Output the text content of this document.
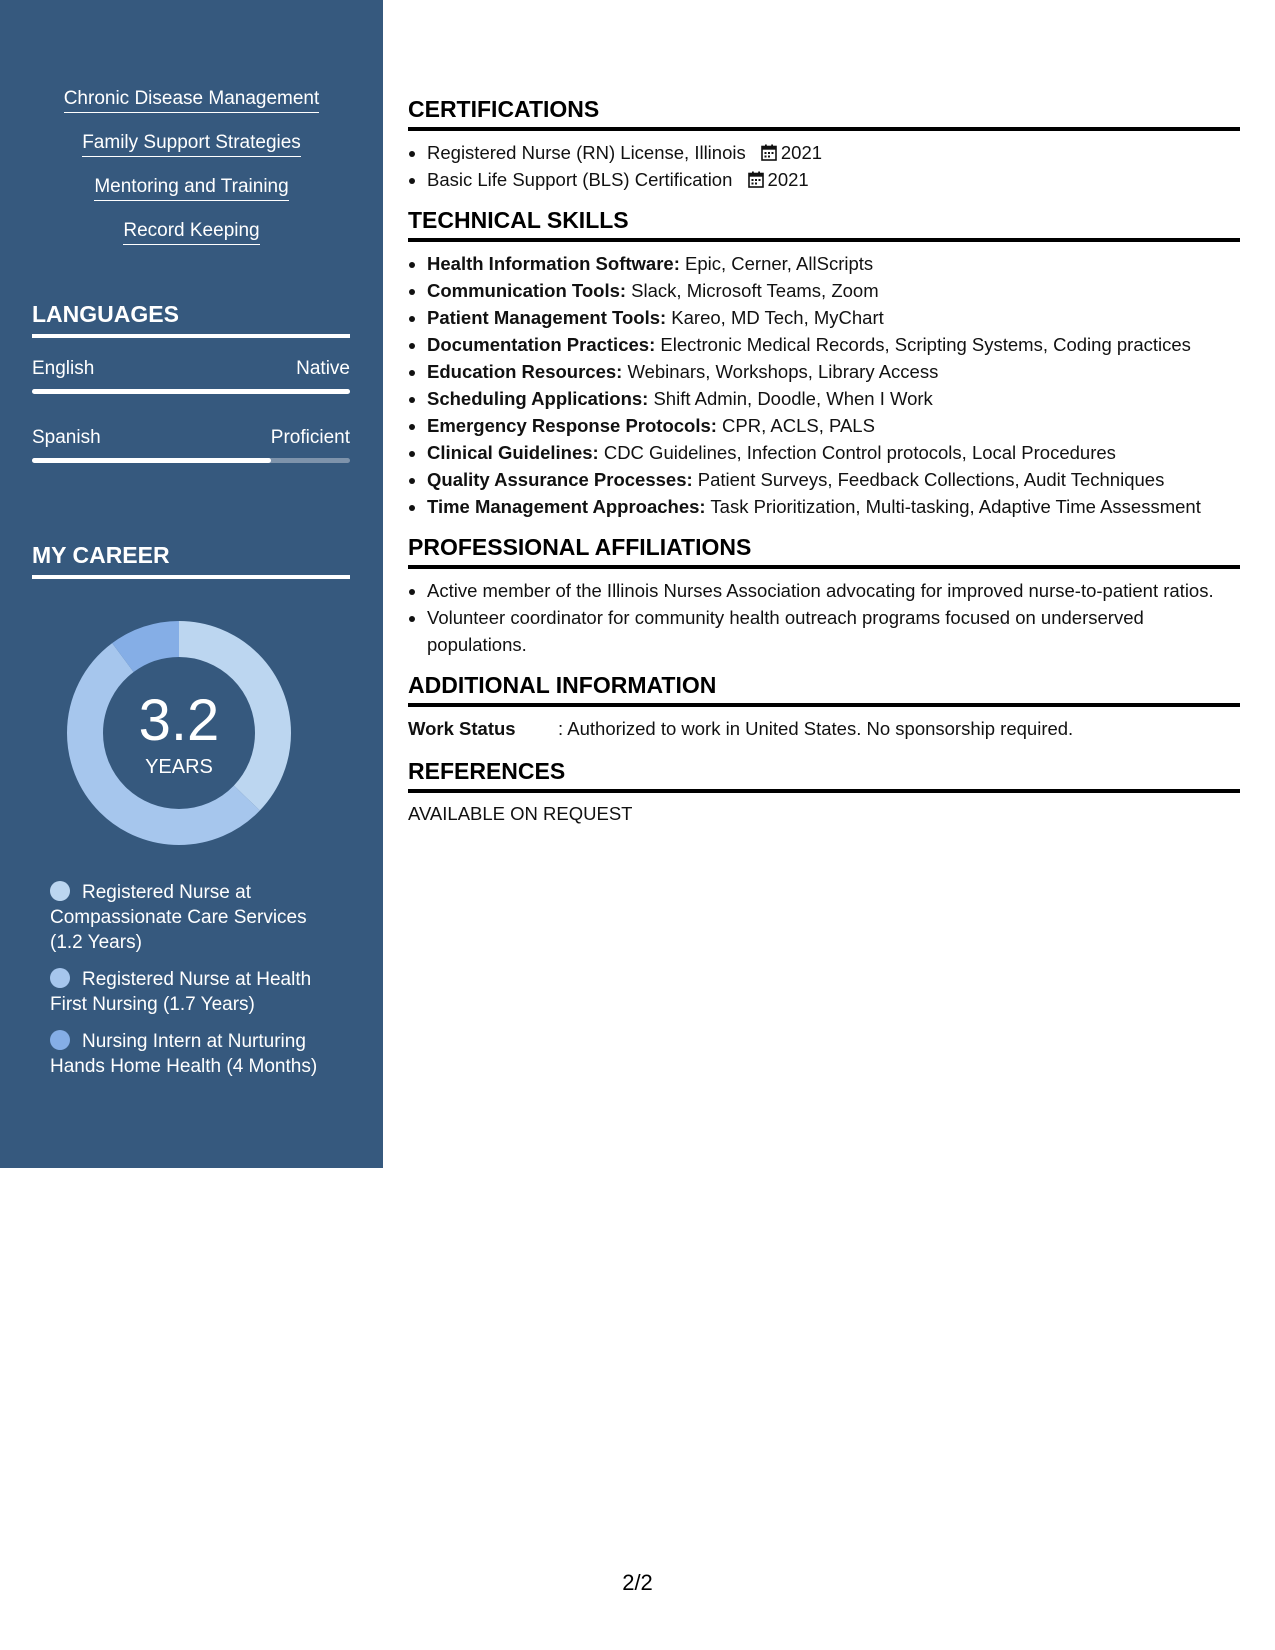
Chronic Disease Management
Family Support Strategies
Mentoring and Training
Record Keeping
LANGUAGES
English	Native
Spanish	Proficient
MY CAREER
3.2
YEARS
Registered Nurse at Compassionate Care Services (1.2 Years)
Registered Nurse at Health First Nursing (1.7 Years)
Nursing Intern at Nurturing Hands Home Health (4 Months)
CERTIFICATIONS
• Registered Nurse (RN) License, Illinois 2021
• Basic Life Support (BLS) Certification 2021
TECHNICAL SKILLS
• Health Information Software: Epic, Cerner, AllScripts
• Communication Tools: Slack, Microsoft Teams, Zoom
• Patient Management Tools: Kareo, MD Tech, MyChart
• Documentation Practices: Electronic Medical Records, Scripting Systems, Coding practices
• Education Resources: Webinars, Workshops, Library Access
• Scheduling Applications: Shift Admin, Doodle, When I Work
• Emergency Response Protocols: CPR, ACLS, PALS
• Clinical Guidelines: CDC Guidelines, Infection Control protocols, Local Procedures
• Quality Assurance Processes: Patient Surveys, Feedback Collections, Audit Techniques
• Time Management Approaches: Task Prioritization, Multi-tasking, Adaptive Time Assessment
PROFESSIONAL AFFILIATIONS
• Active member of the Illinois Nurses Association advocating for improved nurse-to-patient ratios.
• Volunteer coordinator for community health outreach programs focused on underserved populations.
ADDITIONAL INFORMATION
Work Status : Authorized to work in United States. No sponsorship required.
REFERENCES
AVAILABLE ON REQUEST
2/2
